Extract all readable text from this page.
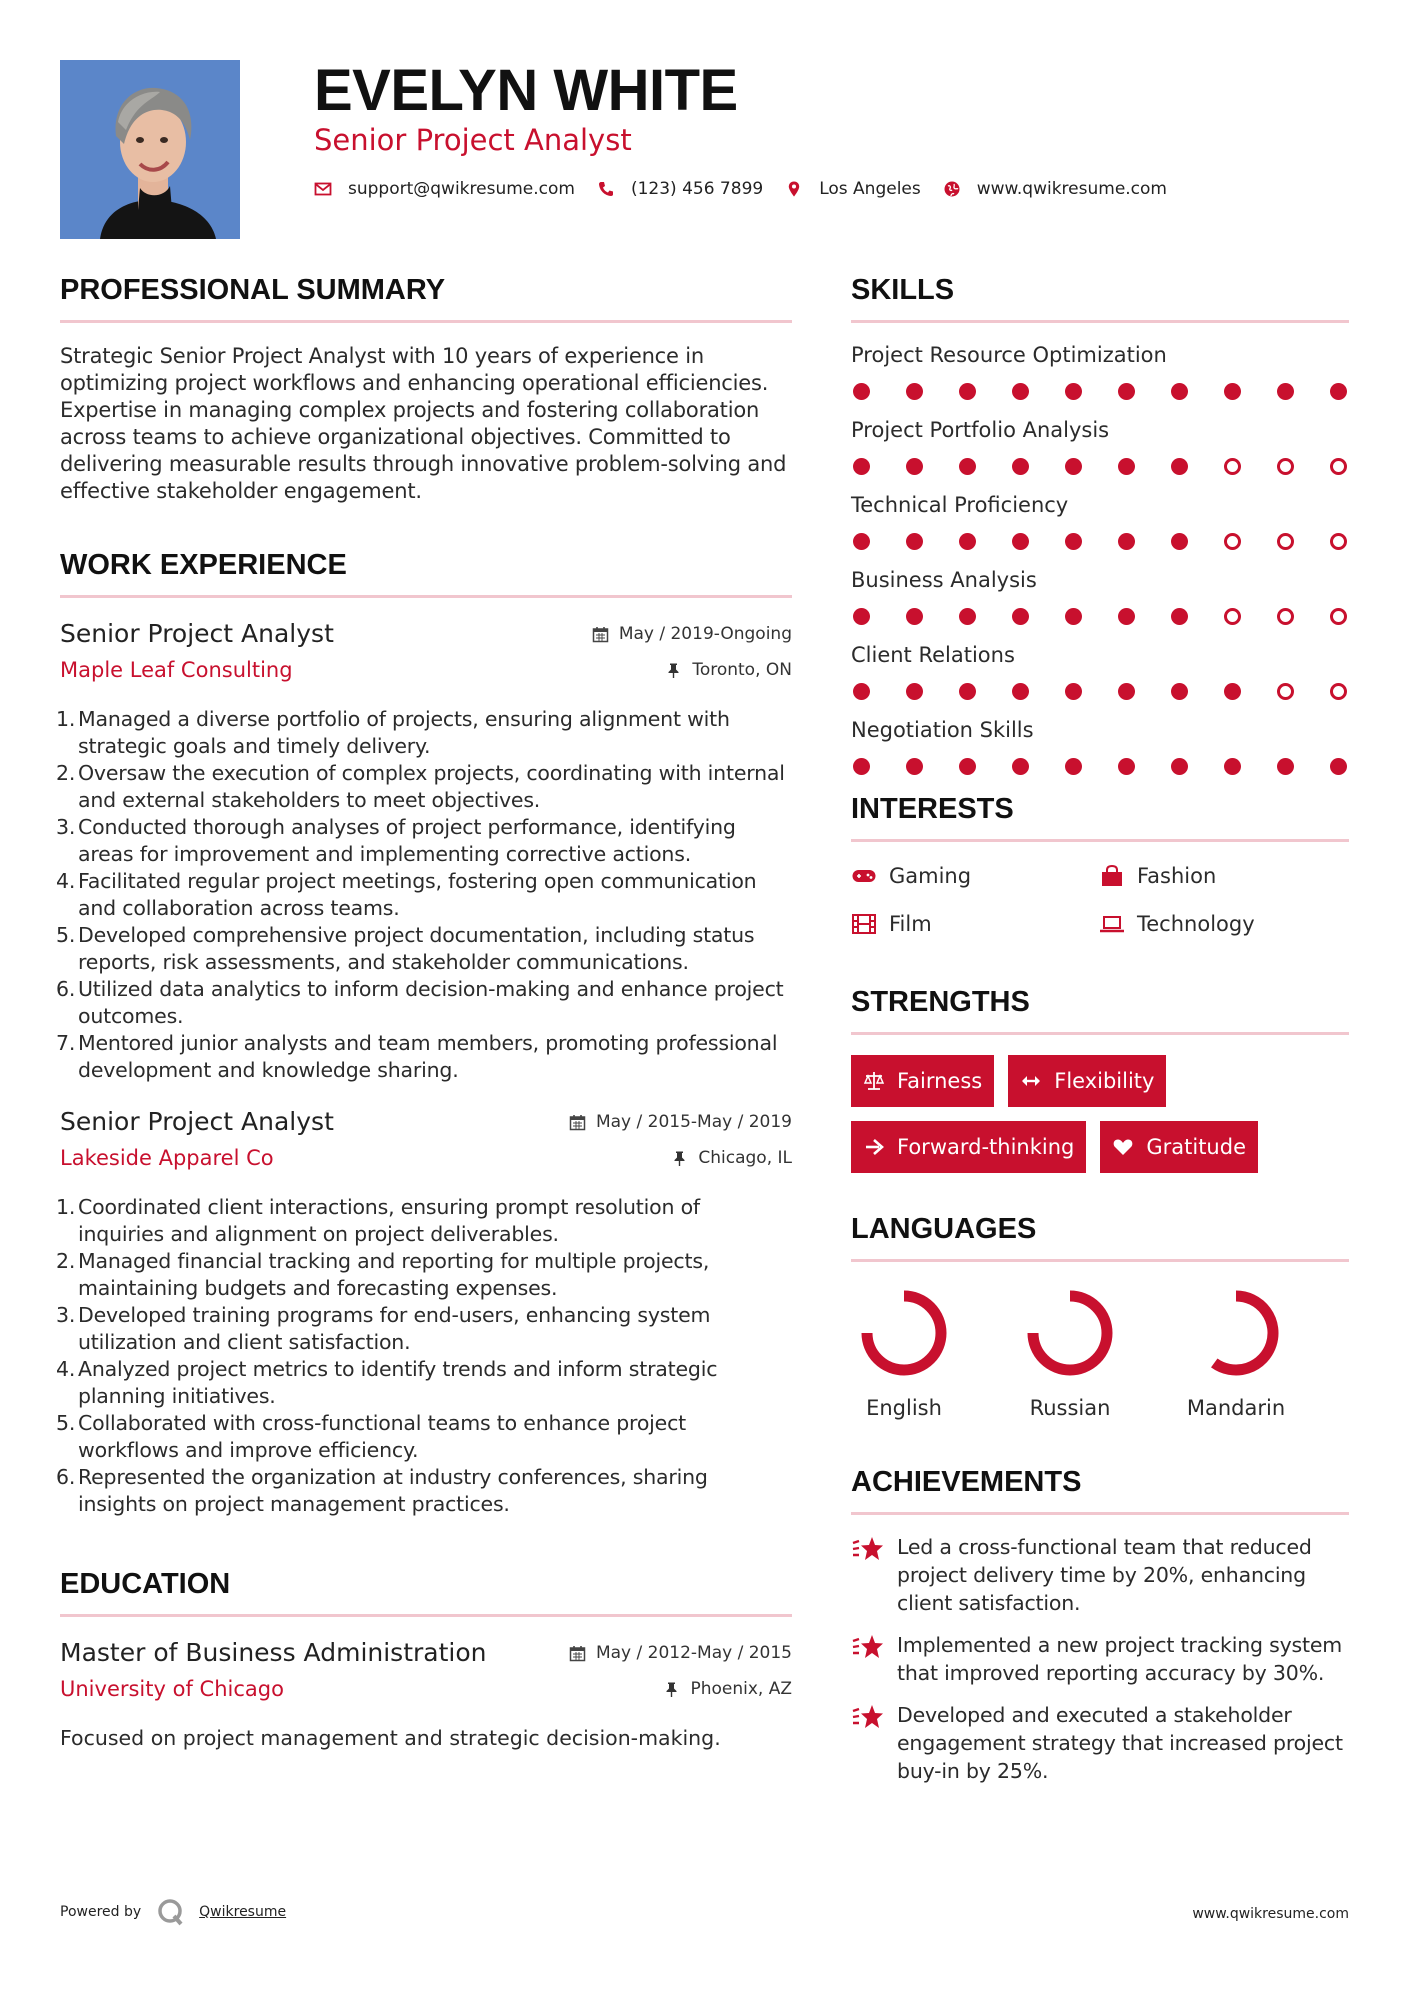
EVELYN WHITE
Senior Project Analyst
support@qwikresume.com	(123) 456 7899	Los Angeles	www.qwikresume.com
PROFESSIONAL SUMMARY

Strategic Senior Project Analyst with 10 years of experience in optimizing project workflows and enhancing operational efficiencies. Expertise in managing complex projects and fostering collaboration across teams to achieve organizational objectives. Committed to delivering measurable results through innovative problem-solving and effective stakeholder engagement.

WORK EXPERIENCE
Senior Project Analyst
Maple Leaf Consulting
May / 2019-Ongoing
Toronto, ON
1. Managed a diverse portfolio of projects, ensuring alignment with strategic goals and timely delivery.
2. Oversaw the execution of complex projects, coordinating with internal and external stakeholders to meet objectives.
3. Conducted thorough analyses of project performance, identifying areas for improvement and implementing corrective actions.
4. Facilitated regular project meetings, fostering open communication and collaboration across teams.
5. Developed comprehensive project documentation, including status reports, risk assessments, and stakeholder communications.
6. Utilized data analytics to inform decision-making and enhance project outcomes.
7. Mentored junior analysts and team members, promoting professional development and knowledge sharing.
Senior Project Analyst
Lakeside Apparel Co
May / 2015-May / 2019
Chicago, IL
1. Coordinated client interactions, ensuring prompt resolution of inquiries and alignment on project deliverables.
2. Managed financial tracking and reporting for multiple projects, maintaining budgets and forecasting expenses.
3. Developed training programs for end-users, enhancing system utilization and client satisfaction.
4. Analyzed project metrics to identify trends and inform strategic planning initiatives.
5. Collaborated with cross-functional teams to enhance project workflows and improve efficiency.
6. Represented the organization at industry conferences, sharing insights on project management practices.
EDUCATION
Master of Business Administration
University of Chicago
May / 2012-May / 2015
Phoenix, AZ

Focused on project management and strategic decision-making.

SKILLS
Project Resource Optimization
Project Portfolio Analysis
Technical Proficiency
Business Analysis
Client Relations
Negotiation Skills
INTERESTS
Gaming	Fashion
Film	Technology
STRENGTHS
Fairness	Flexibility
Forward-thinking	Gratitude
LANGUAGES
English	Russian	Mandarin
ACHIEVEMENTS
Led a cross-functional team that reduced project delivery time by 20%, enhancing client satisfaction.
Implemented a new project tracking system that improved reporting accuracy by 30%.
Developed and executed a stakeholder engagement strategy that increased project buy-in by 25%.
Powered by	Qwikresume	www.qwikresume.com
